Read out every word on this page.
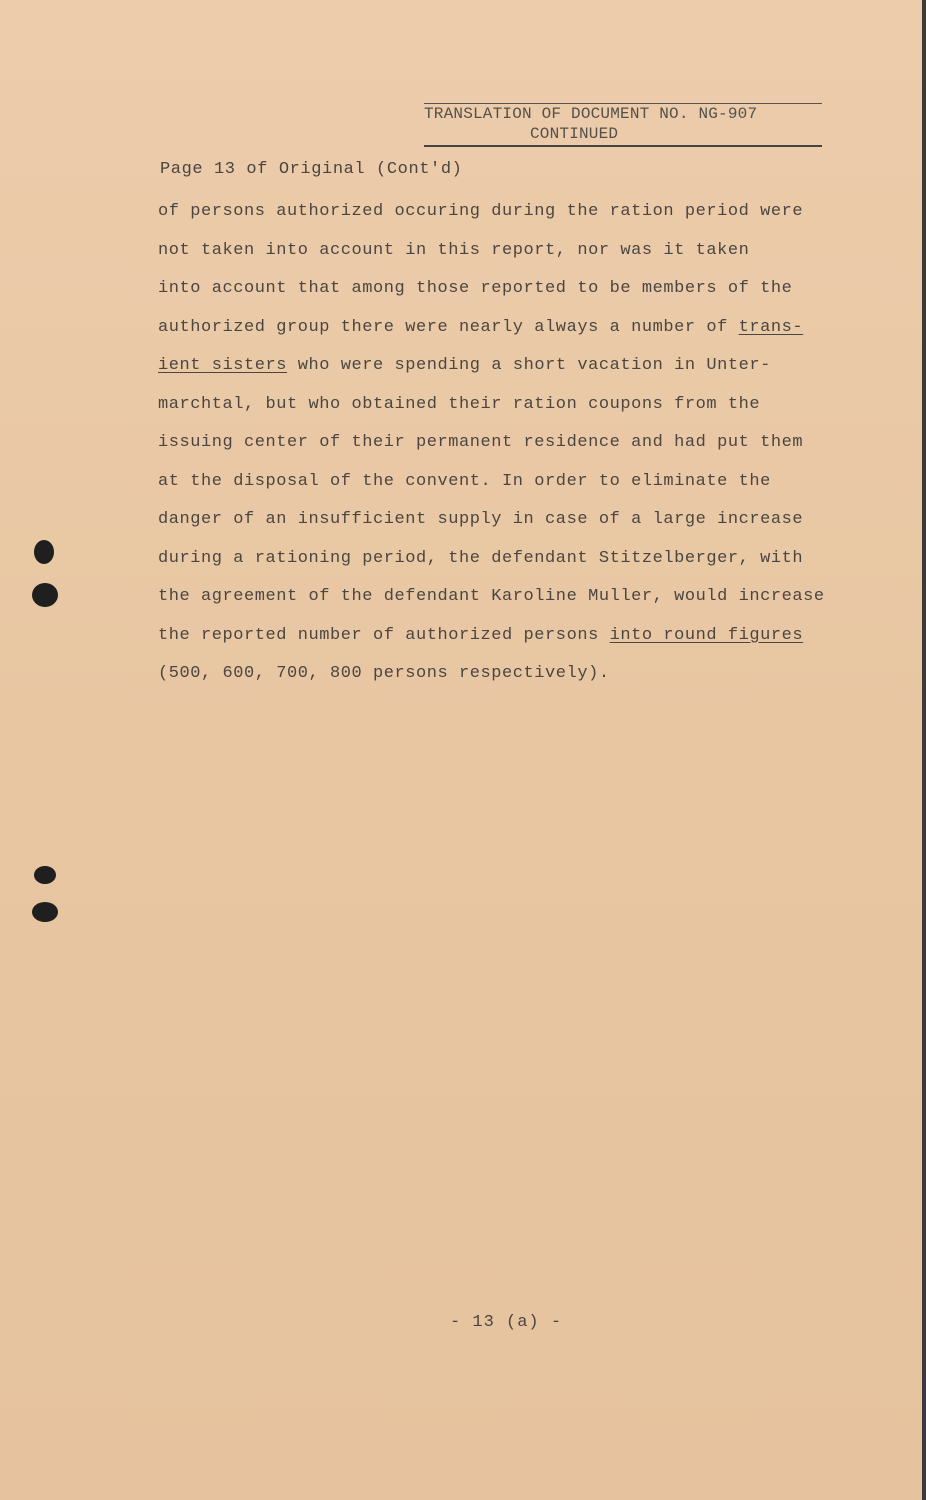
TRANSLATION OF DOCUMENT NO. NG-907
CONTINUED
Page 13 of Original (Cont'd)
of persons authorized occuring during the ration period were
not taken into account in this report, nor was it taken
into account that among those reported to be members of the
authorized group there were nearly always a number of trans-
ient sisters who were spending a short vacation in Unter-
marchtal, but who obtained their ration coupons from the
issuing center of their permanent residence and had put them
at the disposal of the convent. In order to eliminate the
danger of an insufficient supply in case of a large increase
during a rationing period, the defendant Stitzelberger, with
the agreement of the defendant Karoline Muller, would increase
the reported number of authorized persons into round figures
(500, 600, 700, 800 persons respectively).
- 13 (a) -
